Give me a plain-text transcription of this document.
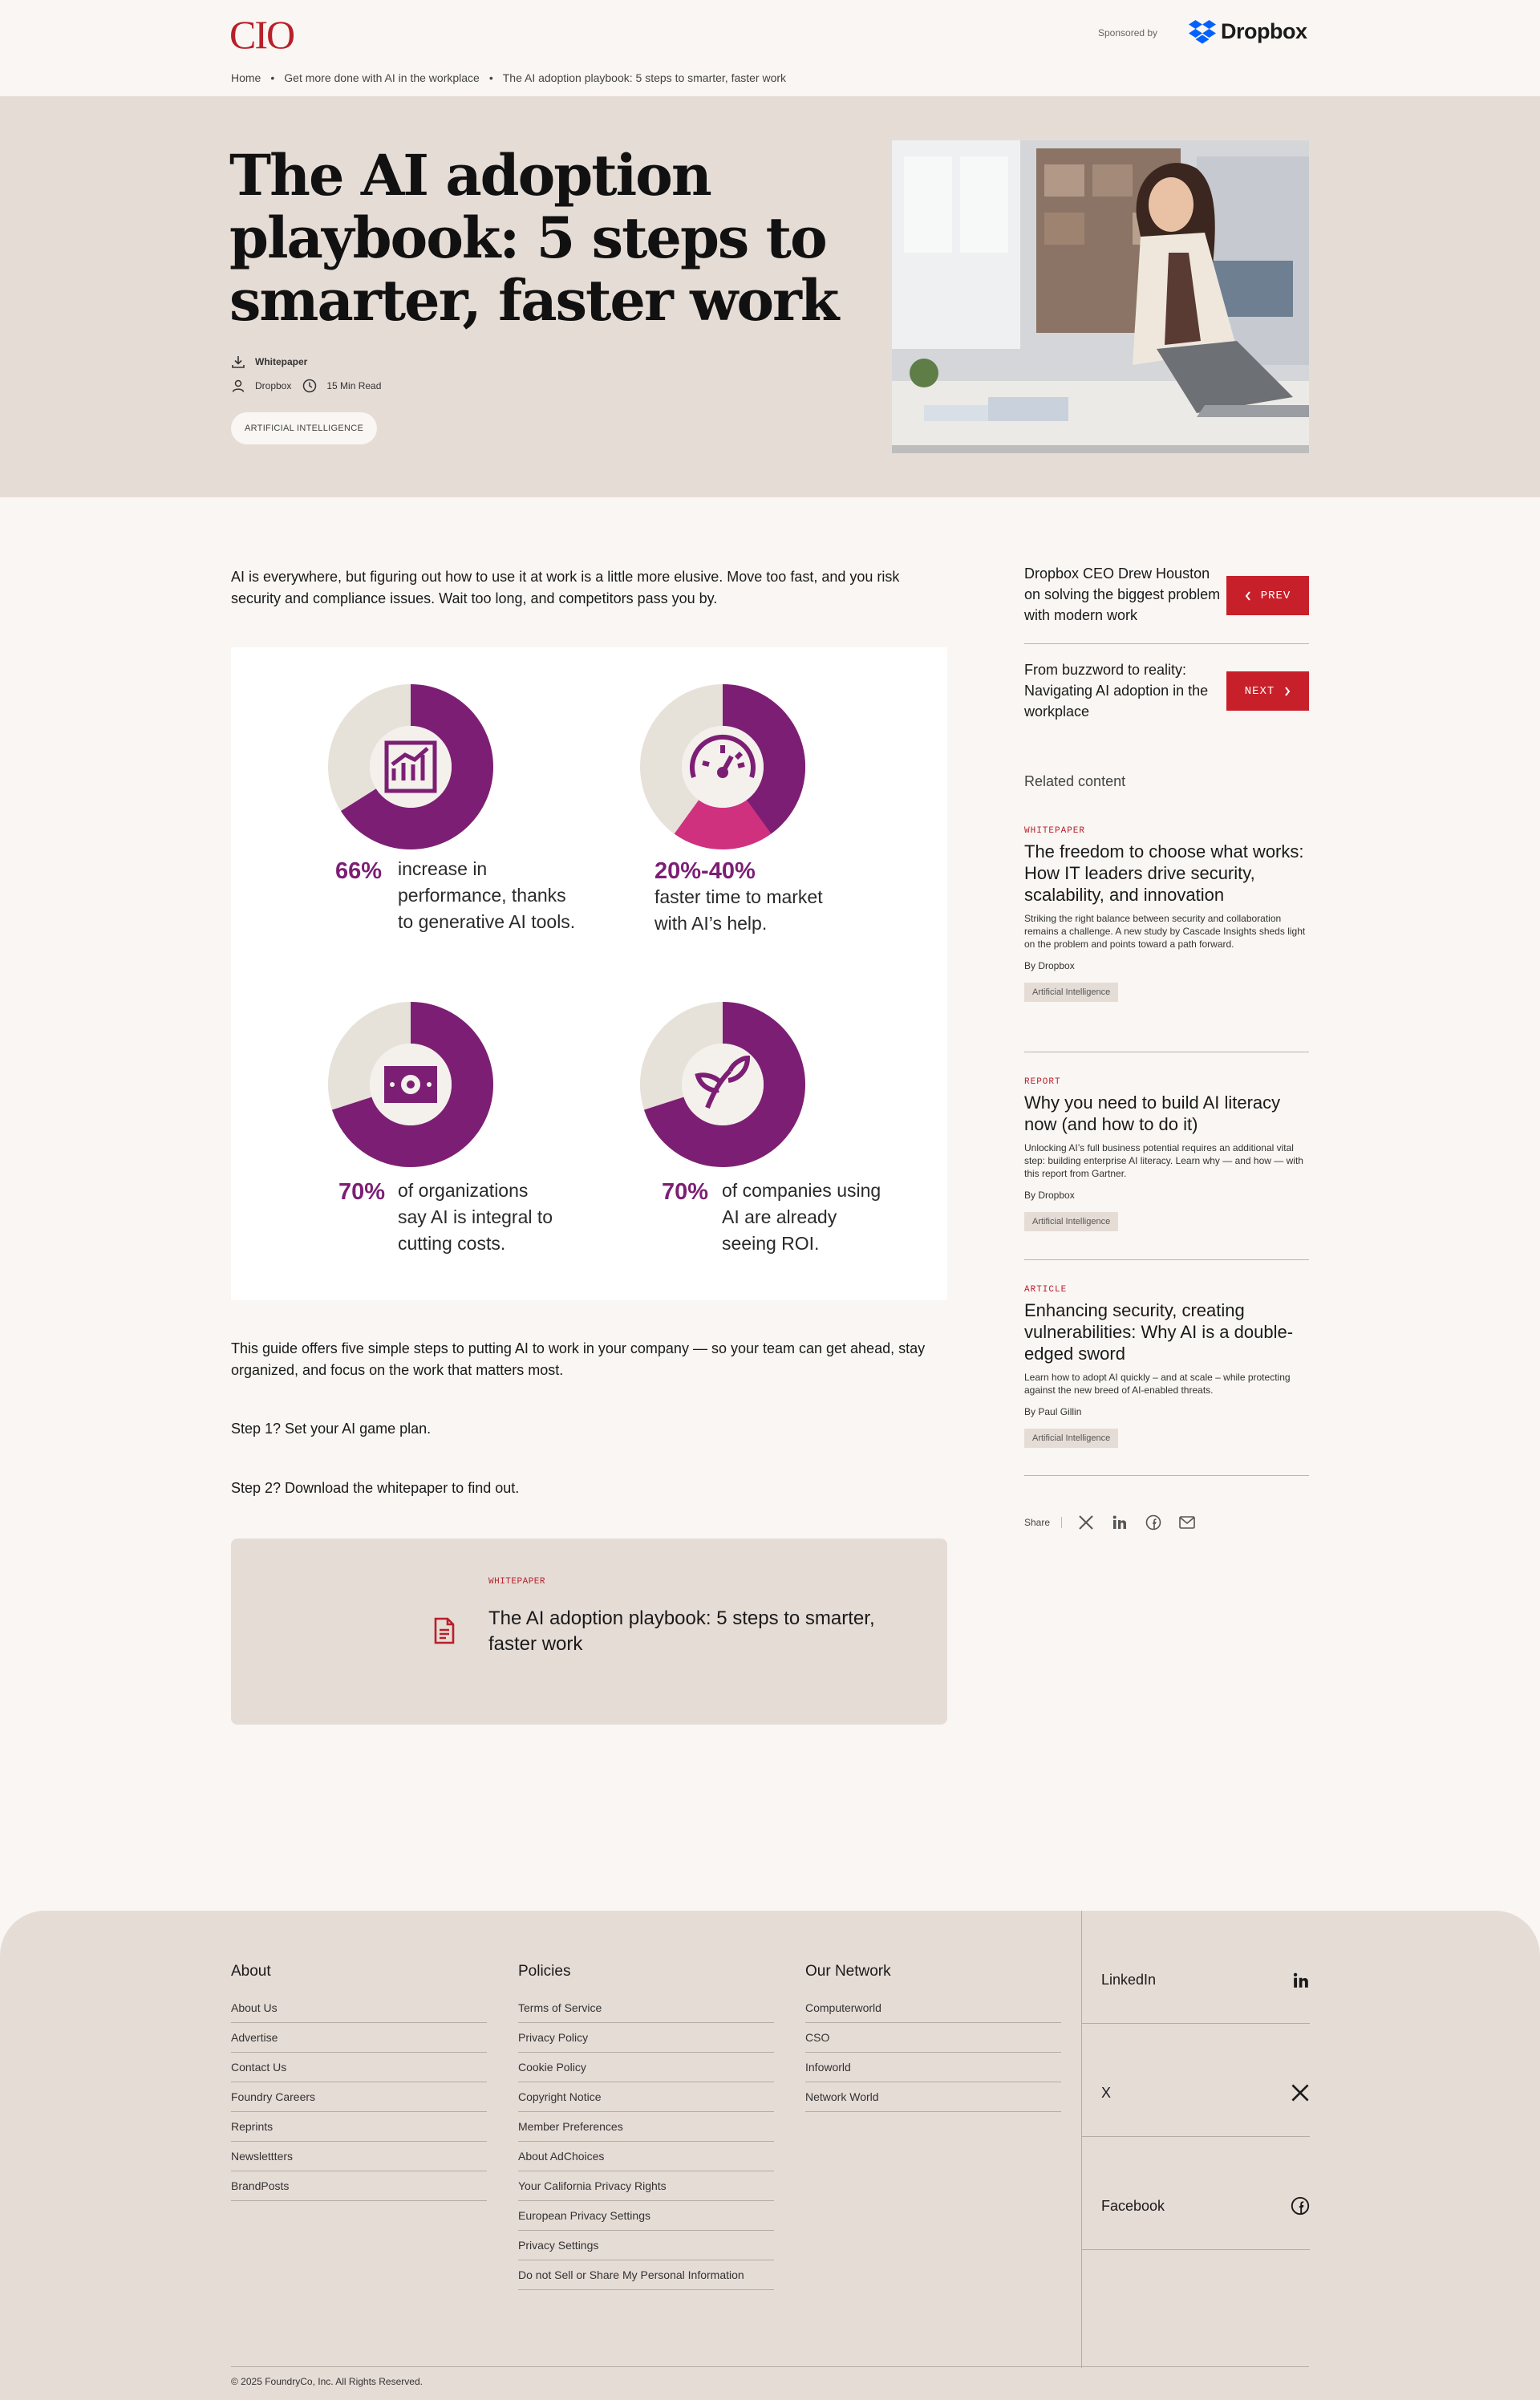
CIO	Sponsored by	Dropbox
Home • Get more done with AI in the workplace • The AI adoption playbook: 5 steps to smarter, faster work
The AI adoption playbook: 5 steps to smarter, faster work
Whitepaper
Dropbox	15 Min Read
ARTIFICIAL INTELLIGENCE

AI is everywhere, but figuring out how to use it at work is a little more elusive. Move too fast, and you risk security and compliance issues. Wait too long, and competitors pass you by.

66% increase in
performance, thanks
to generative AI tools.
20%-40%
faster time to market
with AI’s help.
70% of organizations
say AI is integral to
cutting costs.
70% of companies using
AI are already
seeing ROI.

This guide offers five simple steps to putting AI to work in your company — so your team can get ahead, stay organized, and focus on the work that matters most.

Step 1? Set your AI game plan.

Step 2? Download the whitepaper to find out.

WHITEPAPER
The AI adoption playbook: 5 steps to smarter, faster work
Dropbox CEO Drew Houston on solving the biggest problem with modern work
PREV
From buzzword to reality: Navigating AI adoption in the workplace
NEXT
Related content
WHITEPAPER
The freedom to choose what works: How IT leaders drive security, scalability, and innovation
Striking the right balance between security and collaboration remains a challenge. A new study by Cascade Insights sheds light on the problem and points toward a path forward.
By Dropbox
Artificial Intelligence
REPORT
Why you need to build AI literacy now (and how to do it)
Unlocking AI’s full business potential requires an additional vital step: building enterprise AI literacy. Learn why — and how — with this report from Gartner.
By Dropbox
Artificial Intelligence
ARTICLE
Enhancing security, creating vulnerabilities: Why AI is a double-edged sword
Learn how to adopt AI quickly – and at scale – while protecting against the new breed of AI-enabled threats.
By Paul Gillin
Artificial Intelligence
Share
About
About Us
Advertise
Contact Us
Foundry Careers
Reprints
Newslettters
BrandPosts
Policies
Terms of Service
Privacy Policy
Cookie Policy
Copyright Notice
Member Preferences
About AdChoices
Your California Privacy Rights
European Privacy Settings
Privacy Settings
Do not Sell or Share My Personal Information
Our Network
Computerworld
CSO
Infoworld
Network World
LinkedIn
X
Facebook
© 2025 FoundryCo, Inc. All Rights Reserved.
